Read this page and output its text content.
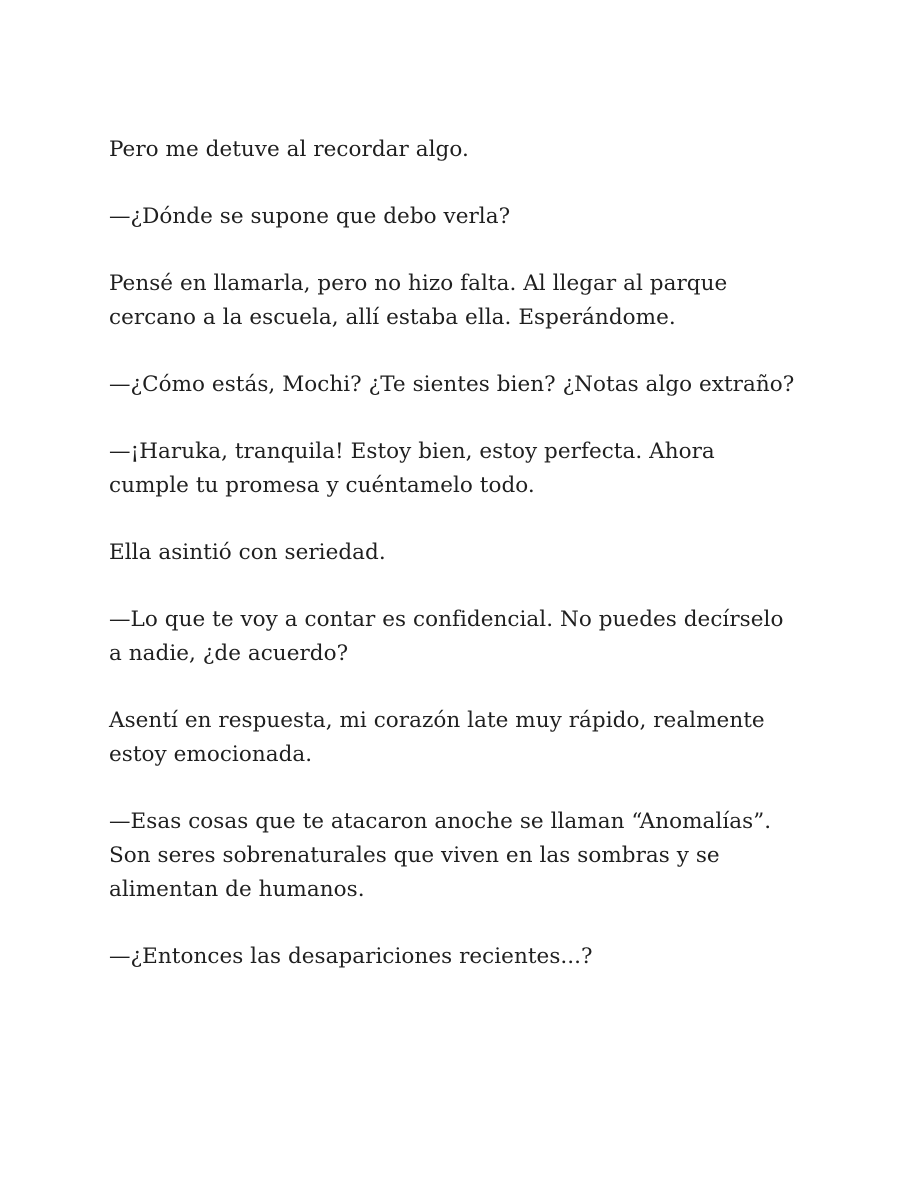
Pero me detuve al recordar algo.

—¿Dónde se supone que debo verla?

Pensé en llamarla, pero no hizo falta. Al llegar al parque cercano a la escuela, allí estaba ella. Esperándome.

—¿Cómo estás, Mochi? ¿Te sientes bien? ¿Notas algo extraño?

—¡Haruka, tranquila! Estoy bien, estoy perfecta. Ahora cumple tu promesa y cuéntamelo todo.

Ella asintió con seriedad.

—Lo que te voy a contar es confidencial. No puedes decírselo a nadie, ¿de acuerdo?

Asentí en respuesta, mi corazón late muy rápido, realmente estoy emocionada.

—Esas cosas que te atacaron anoche se llaman “Anomalías”. Son seres sobrenaturales que viven en las sombras y se alimentan de humanos.

—¿Entonces las desapariciones recientes...?
